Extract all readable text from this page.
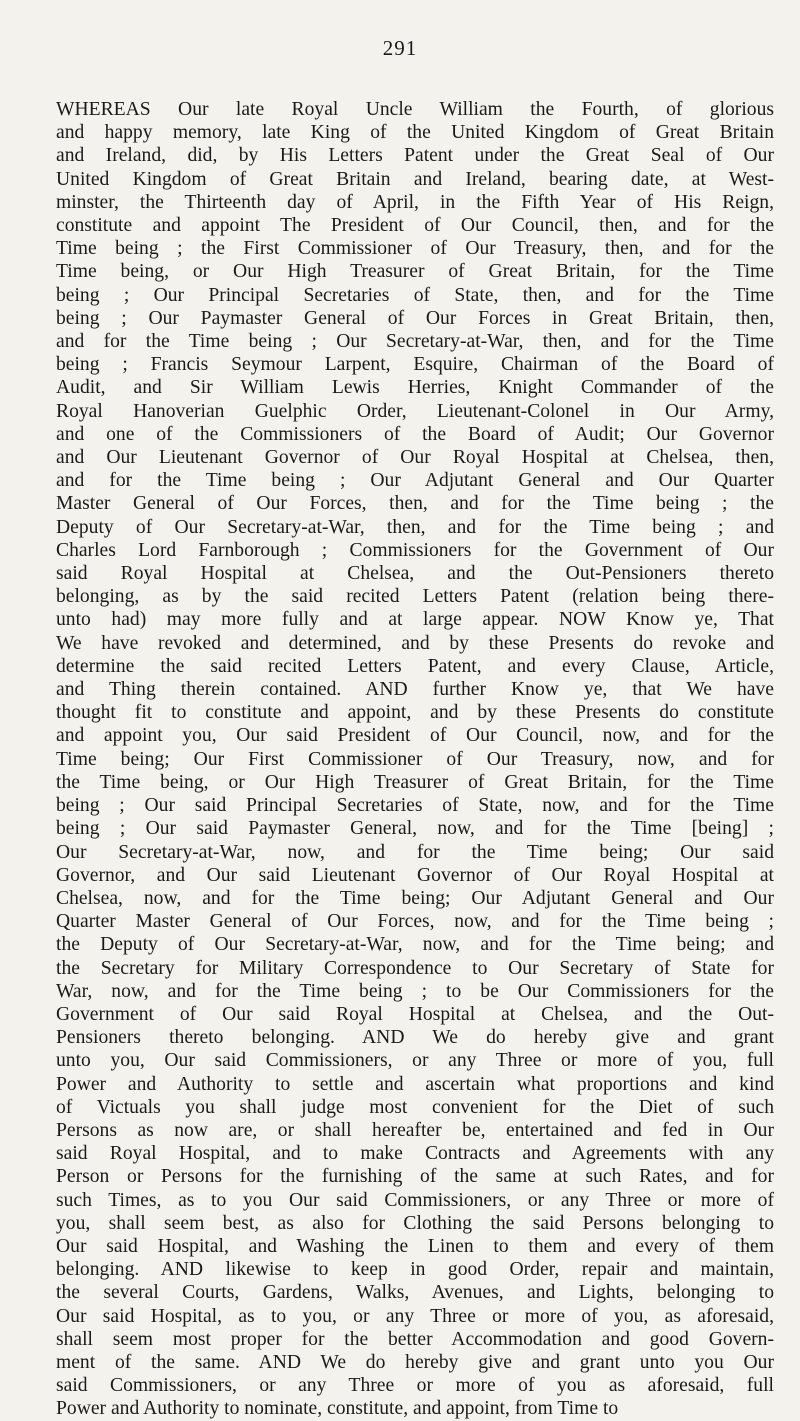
291
WHEREAS Our late Royal Uncle William the Fourth, of glorious
and happy memory, late King of the United Kingdom of Great Britain
and Ireland, did, by His Letters Patent under the Great Seal of Our
United Kingdom of Great Britain and Ireland, bearing date, at West-
minster, the Thirteenth day of April, in the Fifth Year of His Reign,
constitute and appoint The President of Our Council, then, and for the
Time being ; the First Commissioner of Our Treasury, then, and for the
Time being, or Our High Treasurer of Great Britain, for the Time
being ; Our Principal Secretaries of State, then, and for the Time
being ; Our Paymaster General of Our Forces in Great Britain, then,
and for the Time being ; Our Secretary-at-War, then, and for the Time
being ; Francis Seymour Larpent, Esquire, Chairman of the Board of
Audit, and Sir William Lewis Herries, Knight Commander of the
Royal Hanoverian Guelphic Order, Lieutenant-Colonel in Our Army,
and one of the Commissioners of the Board of Audit; Our Governor
and Our Lieutenant Governor of Our Royal Hospital at Chelsea, then,
and for the Time being ; Our Adjutant General and Our Quarter
Master General of Our Forces, then, and for the Time being ; the
Deputy of Our Secretary-at-War, then, and for the Time being ; and
Charles Lord Farnborough ; Commissioners for the Government of Our
said Royal Hospital at Chelsea, and the Out-Pensioners thereto
belonging, as by the said recited Letters Patent (relation being there-
unto had) may more fully and at large appear. NOW Know ye, That
We have revoked and determined, and by these Presents do revoke and
determine the said recited Letters Patent, and every Clause, Article,
and Thing therein contained. AND further Know ye, that We have
thought fit to constitute and appoint, and by these Presents do constitute
and appoint you, Our said President of Our Council, now, and for the
Time being; Our First Commissioner of Our Treasury, now, and for
the Time being, or Our High Treasurer of Great Britain, for the Time
being ; Our said Principal Secretaries of State, now, and for the Time
being ; Our said Paymaster General, now, and for the Time [being] ;
Our Secretary-at-War, now, and for the Time being; Our said
Governor, and Our said Lieutenant Governor of Our Royal Hospital at
Chelsea, now, and for the Time being; Our Adjutant General and Our
Quarter Master General of Our Forces, now, and for the Time being ;
the Deputy of Our Secretary-at-War, now, and for the Time being; and
the Secretary for Military Correspondence to Our Secretary of State for
War, now, and for the Time being ; to be Our Commissioners for the
Government of Our said Royal Hospital at Chelsea, and the Out-
Pensioners thereto belonging. AND We do hereby give and grant
unto you, Our said Commissioners, or any Three or more of you, full
Power and Authority to settle and ascertain what proportions and kind
of Victuals you shall judge most convenient for the Diet of such
Persons as now are, or shall hereafter be, entertained and fed in Our
said Royal Hospital, and to make Contracts and Agreements with any
Person or Persons for the furnishing of the same at such Rates, and for
such Times, as to you Our said Commissioners, or any Three or more of
you, shall seem best, as also for Clothing the said Persons belonging to
Our said Hospital, and Washing the Linen to them and every of them
belonging. AND likewise to keep in good Order, repair and maintain,
the several Courts, Gardens, Walks, Avenues, and Lights, belonging to
Our said Hospital, as to you, or any Three or more of you, as aforesaid,
shall seem most proper for the better Accommodation and good Govern-
ment of the same. AND We do hereby give and grant unto you Our
said Commissioners, or any Three or more of you as aforesaid, full
Power and Authority to nominate, constitute, and appoint, from Time to
